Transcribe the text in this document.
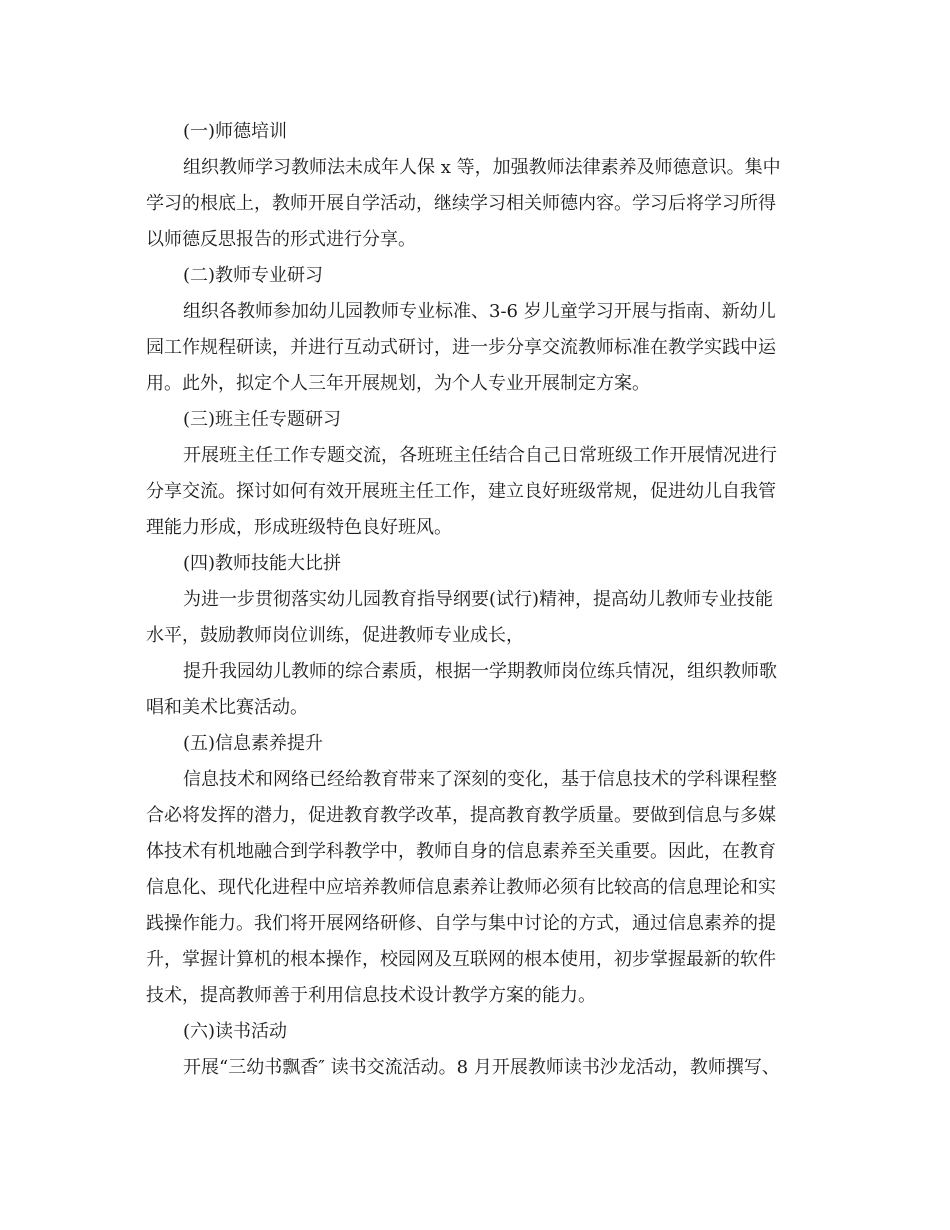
(一)师德培训

组织教师学习教师法未成年人保 x 等，加强教师法律素养及师德意识。集中
学习的根底上，教师开展自学活动，继续学习相关师德内容。学习后将学习所得
以师德反思报告的形式进行分享。

(二)教师专业研习

组织各教师参加幼儿园教师专业标准、3-6 岁儿童学习开展与指南、新幼儿
园工作规程研读，并进行互动式研讨，进一步分享交流教师标准在教学实践中运
用。此外，拟定个人三年开展规划，为个人专业开展制定方案。

(三)班主任专题研习

开展班主任工作专题交流，各班班主任结合自己日常班级工作开展情况进行
分享交流。探讨如何有效开展班主任工作，建立良好班级常规，促进幼儿自我管
理能力形成，形成班级特色良好班风。

(四)教师技能大比拼

为进一步贯彻落实幼儿园教育指导纲要(试行)精神，提高幼儿教师专业技能
水平，鼓励教师岗位训练，促进教师专业成长，

提升我园幼儿教师的综合素质，根据一学期教师岗位练兵情况，组织教师歌
唱和美术比赛活动。

(五)信息素养提升

信息技术和网络已经给教育带来了深刻的变化，基于信息技术的学科课程整
合必将发挥的潜力，促进教育教学改革，提高教育教学质量。要做到信息与多媒
体技术有机地融合到学科教学中，教师自身的信息素养至关重要。因此，在教育
信息化、现代化进程中应培养教师信息素养让教师必须有比较高的信息理论和实
践操作能力。我们将开展网络研修、自学与集中讨论的方式，通过信息素养的提
升，掌握计算机的根本操作，校园网及互联网的根本使用，初步掌握最新的软件
技术，提高教师善于利用信息技术设计教学方案的能力。

(六)读书活动

开展“三幼书飘香″ 读书交流活动。8 月开展教师读书沙龙活动，教师撰写、
